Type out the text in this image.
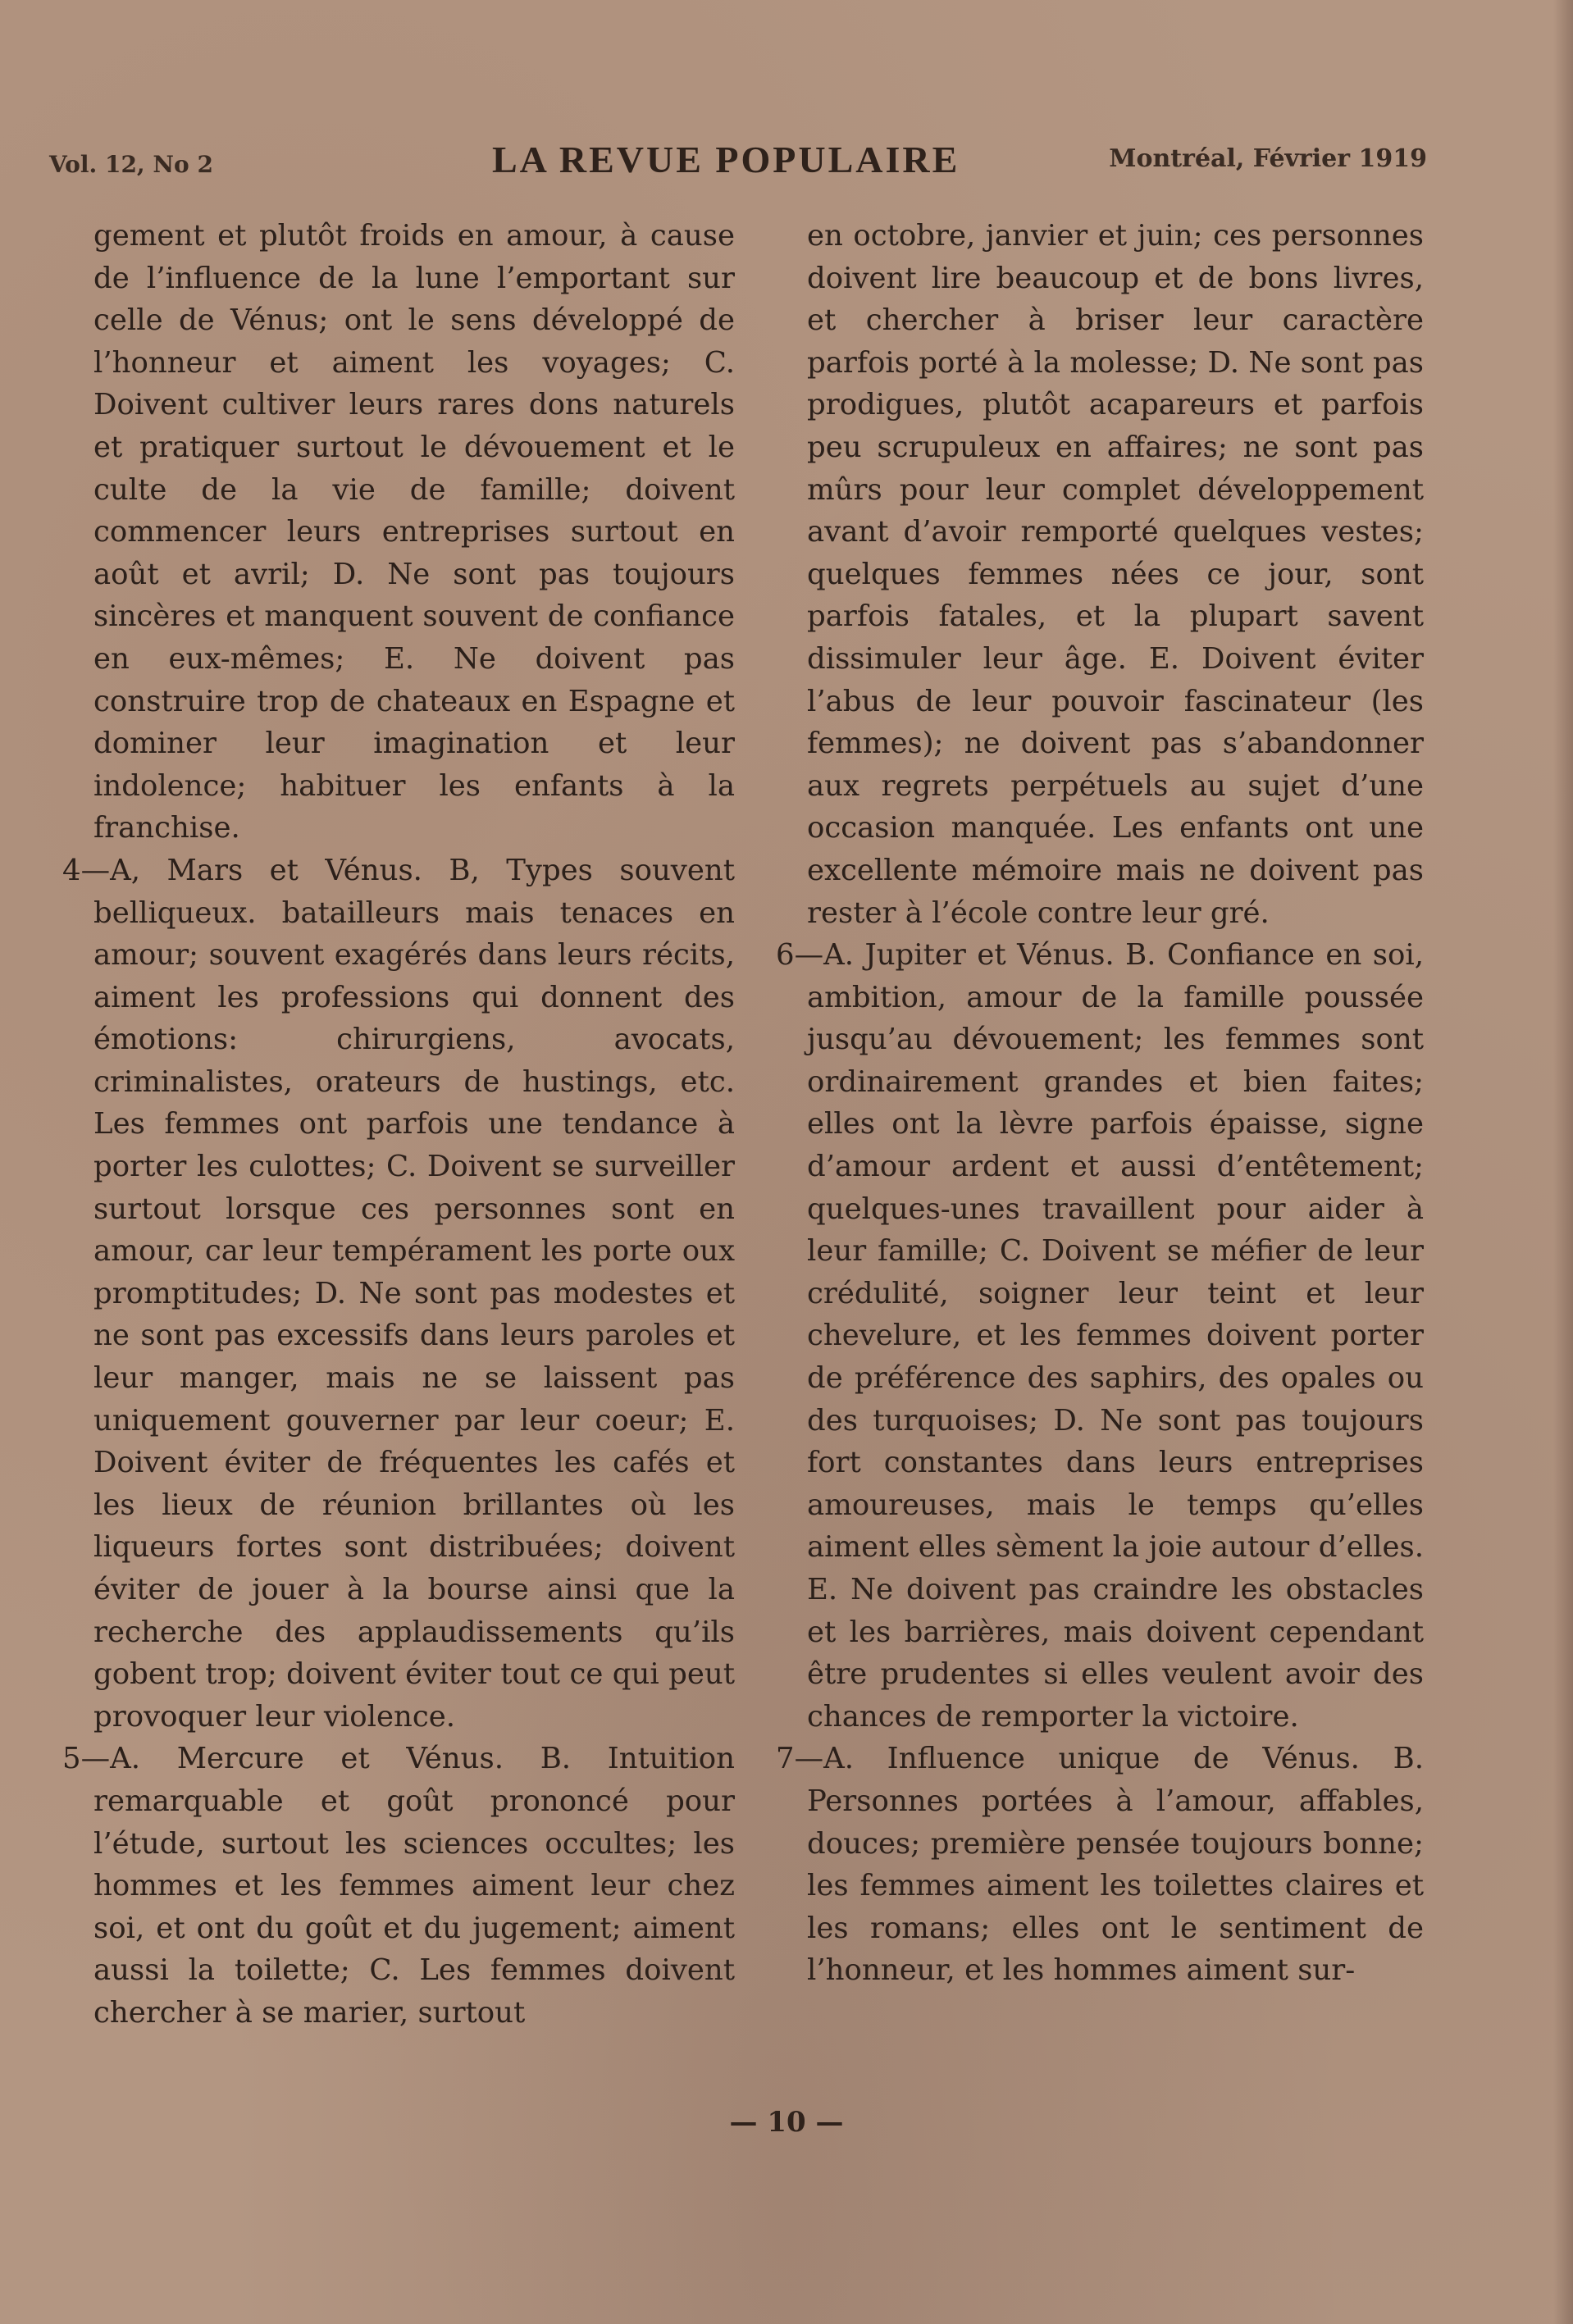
Vol. 12, No 2	LA REVUE POPULAIRE	Montréal, Février 1919

gement et plutôt froids en amour, à cause de l’influence de la lune l’emportant sur celle de Vénus; ont le sens développé de l’honneur et aiment les voyages; C. Doivent cultiver leurs rares dons naturels et pratiquer surtout le dévouement et le culte de la vie de famille; doivent commencer leurs entreprises surtout en août et avril; D. Ne sont pas toujours sincères et manquent souvent de confiance en eux-mêmes; E. Ne doivent pas construire trop de chateaux en Espagne et dominer leur imagination et leur indolence; habituer les enfants à la franchise.

4—A, Mars et Vénus. B, Types souvent belliqueux. batailleurs mais tenaces en amour; souvent exagérés dans leurs récits, aiment les professions qui donnent des émotions: chirurgiens, avocats, criminalistes, orateurs de hustings, etc. Les femmes ont parfois une tendance à porter les culottes; C. Doivent se surveiller surtout lorsque ces personnes sont en amour, car leur tempérament les porte oux promptitudes; D. Ne sont pas modestes et ne sont pas excessifs dans leurs paroles et leur manger, mais ne se laissent pas uniquement gouverner par leur coeur; E. Doivent éviter de fréquentes les cafés et les lieux de réunion brillantes où les liqueurs fortes sont distribuées; doivent éviter de jouer à la bourse ainsi que la recherche des applaudissements qu’ils gobent trop; doivent éviter tout ce qui peut provoquer leur violence.

5—A. Mercure et Vénus. B. Intuition remarquable et goût prononcé pour l’étude, surtout les sciences occultes; les hommes et les femmes aiment leur chez soi, et ont du goût et du jugement; aiment aussi la toilette; C. Les femmes doivent chercher à se marier, surtout

en octobre, janvier et juin; ces personnes doivent lire beaucoup et de bons livres, et chercher à briser leur caractère parfois porté à la molesse; D. Ne sont pas prodigues, plutôt acapareurs et parfois peu scrupuleux en affaires; ne sont pas mûrs pour leur complet développement avant d’avoir remporté quelques vestes; quelques femmes nées ce jour, sont parfois fatales, et la plupart savent dissimuler leur âge. E. Doivent éviter l’abus de leur pouvoir fascinateur (les femmes); ne doivent pas s’abandonner aux regrets perpétuels au sujet d’une occasion manquée. Les enfants ont une excellente mémoire mais ne doivent pas rester à l’école contre leur gré.

6—A. Jupiter et Vénus. B. Confiance en soi, ambition, amour de la famille poussée jusqu’au dévouement; les femmes sont ordinairement grandes et bien faites; elles ont la lèvre parfois épaisse, signe d’amour ardent et aussi d’entêtement; quelques-unes travaillent pour aider à leur famille; C. Doivent se méfier de leur crédulité, soigner leur teint et leur chevelure, et les femmes doivent porter de préférence des saphirs, des opales ou des turquoises; D. Ne sont pas toujours fort constantes dans leurs entreprises amoureuses, mais le temps qu’elles aiment elles sèment la joie autour d’elles. E. Ne doivent pas craindre les obstacles et les barrières, mais doivent cependant être prudentes si elles veulent avoir des chances de remporter la victoire.

7—A. Influence unique de Vénus. B. Personnes portées à l’amour, affables, douces; première pensée toujours bonne; les femmes aiment les toilettes claires et les romans; elles ont le sentiment de l’honneur, et les hommes aiment sur-

— 10 —
